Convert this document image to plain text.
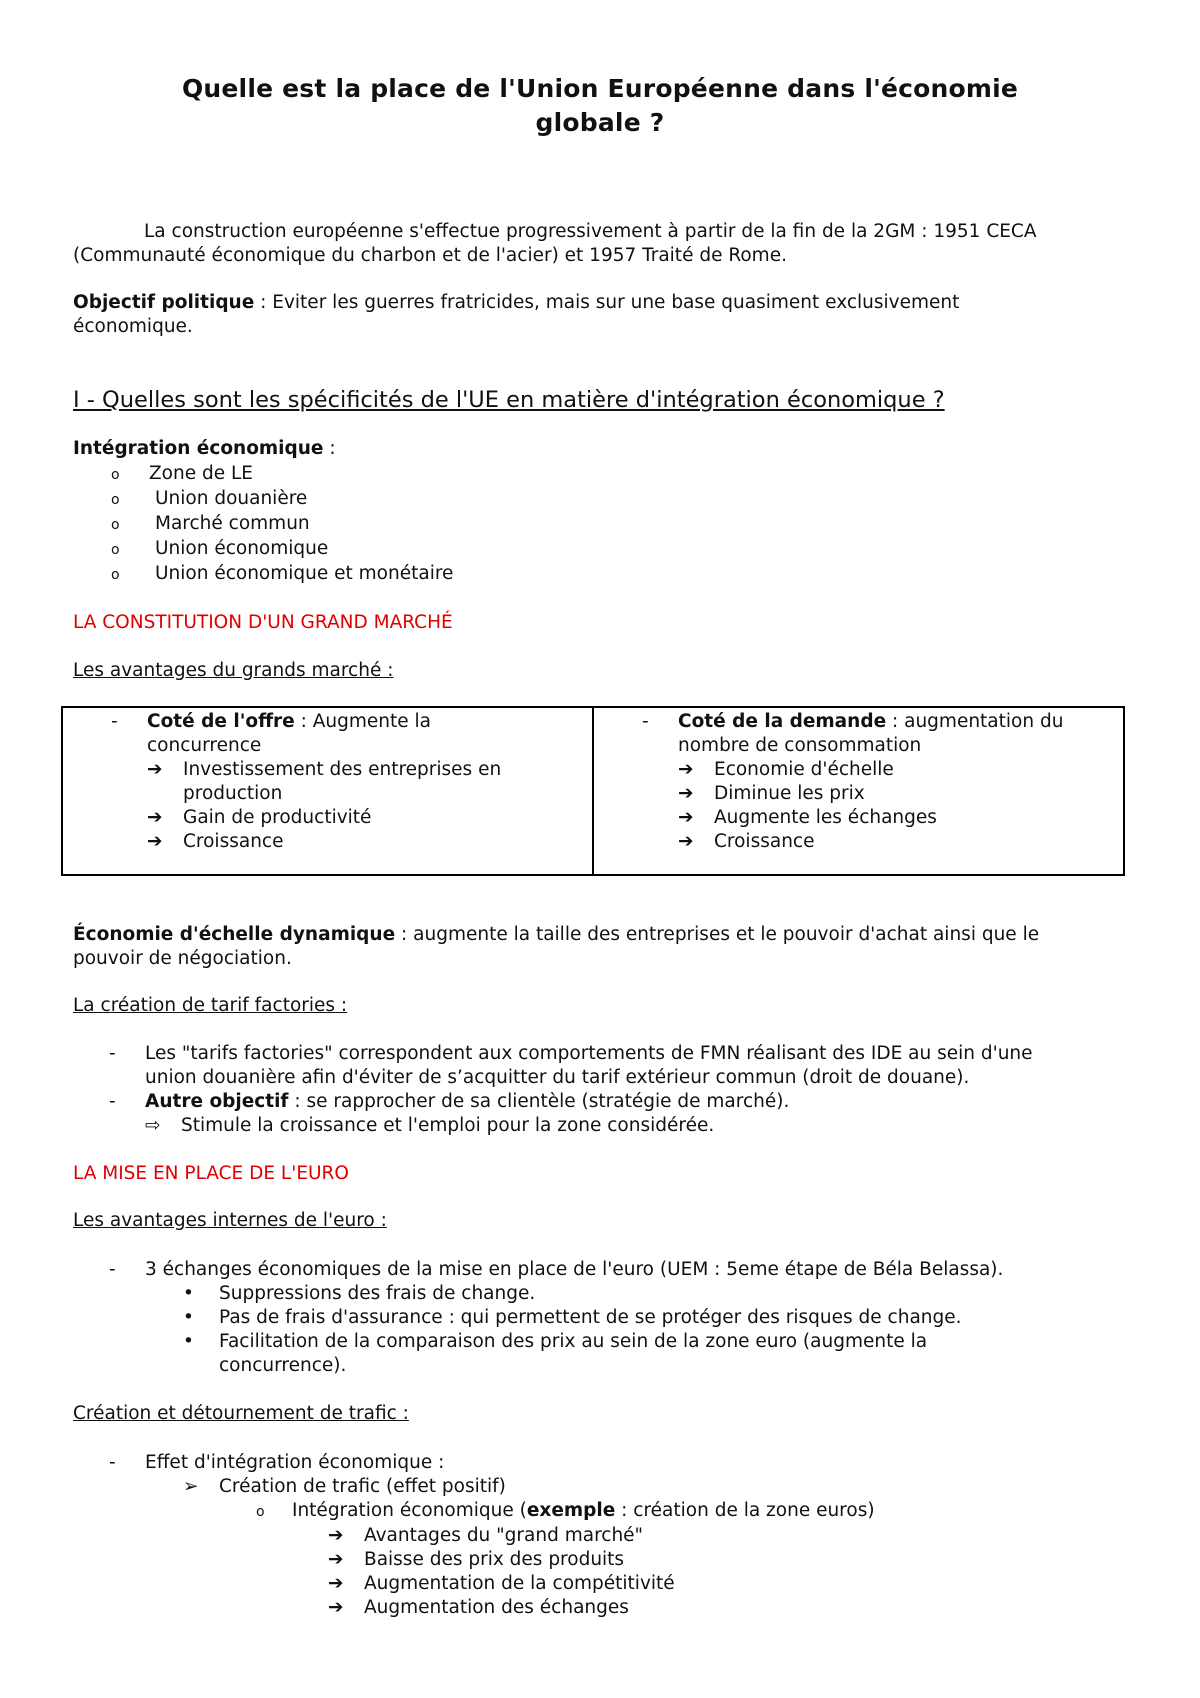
Quelle est la place de l'Union Européenne dans l'économie
globale ?
La construction européenne s'effectue progressivement à partir de la fin de la 2GM : 1951 CECA
(Communauté économique du charbon et de l'acier) et 1957 Traité de Rome.
Objectif politique : Eviter les guerres fratricides, mais sur une base quasiment exclusivement
économique.
I - Quelles sont les spécificités de l'UE en matière d'intégration économique ?
Intégration économique :
o Zone de LE
o Union douanière
o Marché commun
o Union économique
o Union économique et monétaire
LA CONSTITUTION D'UN GRAND MARCHÉ
Les avantages du grands marché :
- Coté de l'offre : Augmente la
concurrence
➔ Investissement des entreprises en
production
➔ Gain de productivité
➔ Croissance

- Coté de la demande : augmentation du
nombre de consommation
➔ Economie d'échelle
➔ Diminue les prix
➔ Augmente les échanges
➔ Croissance
Économie d'échelle dynamique : augmente la taille des entreprises et le pouvoir d'achat ainsi que le
pouvoir de négociation.
La création de tarif factories :
- Les "tarifs factories" correspondent aux comportements de FMN réalisant des IDE au sein d'une
union douanière afin d'éviter de s’acquitter du tarif extérieur commun (droit de douane).
- Autre objectif : se rapprocher de sa clientèle (stratégie de marché).
⇨ Stimule la croissance et l'emploi pour la zone considérée.
LA MISE EN PLACE DE L'EURO
Les avantages internes de l'euro :
- 3 échanges économiques de la mise en place de l'euro (UEM : 5eme étape de Béla Belassa).
• Suppressions des frais de change.
• Pas de frais d'assurance : qui permettent de se protéger des risques de change.
• Facilitation de la comparaison des prix au sein de la zone euro (augmente la
concurrence).
Création et détournement de trafic :
- Effet d'intégration économique :
➢ Création de trafic (effet positif)
o Intégration économique (exemple : création de la zone euros)
➔ Avantages du "grand marché"
➔ Baisse des prix des produits
➔ Augmentation de la compétitivité
➔ Augmentation des échanges
